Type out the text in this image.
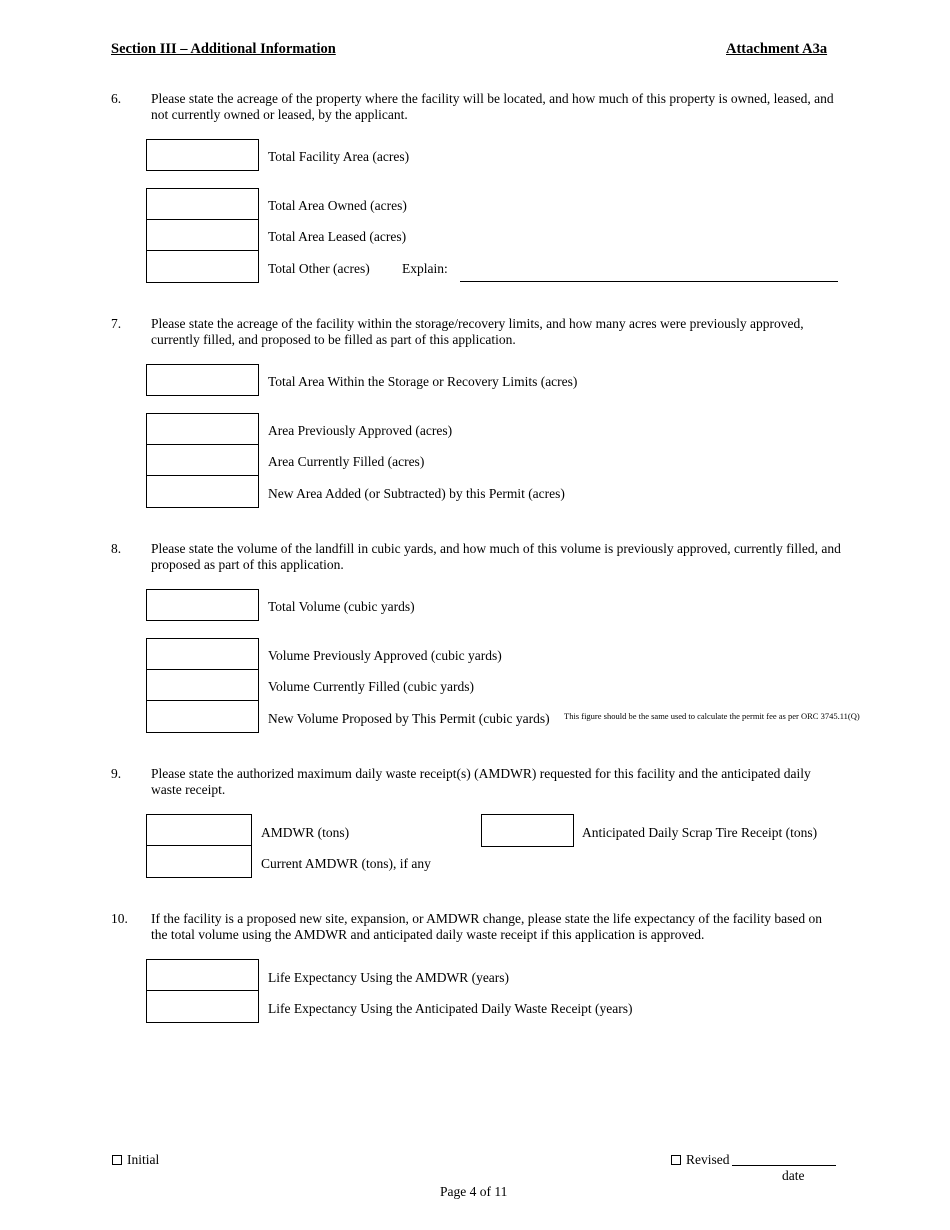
Section III – Additional Information	Attachment A3a
6. Please state the acreage of the property where the facility will be located, and how much of this property is owned, leased, and not currently owned or leased, by the applicant.
Total Facility Area (acres)
Total Area Owned (acres)
Total Area Leased (acres)
Total Other (acres) Explain:
7. Please state the acreage of the facility within the storage/recovery limits, and how many acres were previously approved, currently filled, and proposed to be filled as part of this application.
Total Area Within the Storage or Recovery Limits (acres)
Area Previously Approved (acres)
Area Currently Filled (acres)
New Area Added (or Subtracted) by this Permit (acres)
8. Please state the volume of the landfill in cubic yards, and how much of this volume is previously approved, currently filled, and proposed as part of this application.
Total Volume (cubic yards)
Volume Previously Approved (cubic yards)
Volume Currently Filled (cubic yards)
New Volume Proposed by This Permit (cubic yards) This figure should be the same used to calculate the permit fee as per ORC 3745.11(Q)
9. Please state the authorized maximum daily waste receipt(s) (AMDWR) requested for this facility and the anticipated daily waste receipt.
AMDWR (tons)
Current AMDWR (tons), if any
Anticipated Daily Scrap Tire Receipt (tons)
10. If the facility is a proposed new site, expansion, or AMDWR change, please state the life expectancy of the facility based on the total volume using the AMDWR and anticipated daily waste receipt if this application is approved.
Life Expectancy Using the AMDWR (years)
Life Expectancy Using the Anticipated Daily Waste Receipt (years)
Initial	Revised
date
Page 4 of 11
